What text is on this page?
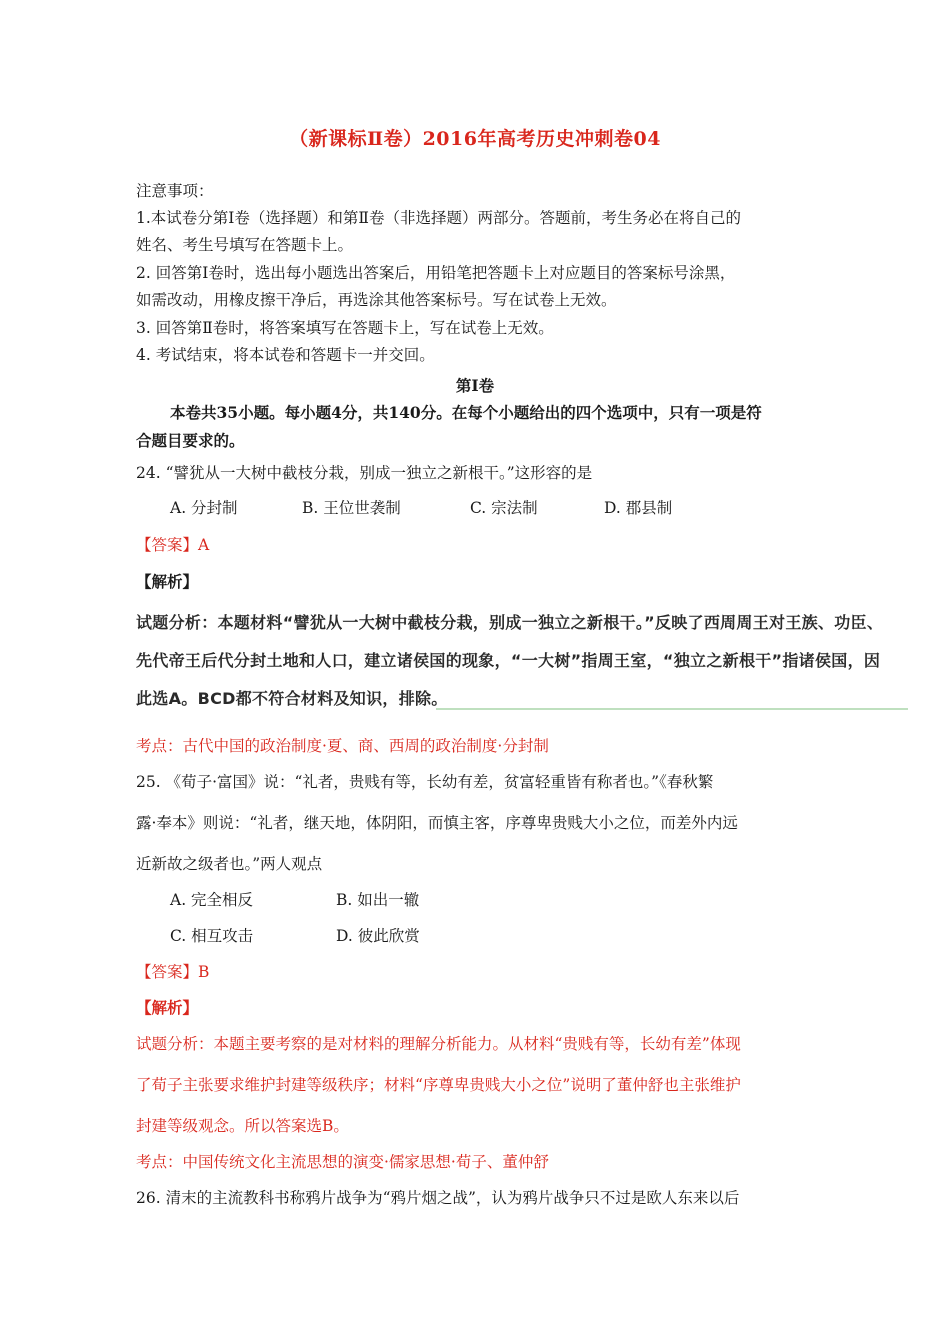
（新课标Ⅱ卷）2016年高考历史冲刺卷04
注意事项：
1.本试卷分第Ⅰ卷（选择题）和第Ⅱ卷（非选择题）两部分。答题前，考生务必在将自己的
姓名、考生号填写在答题卡上。
2. 回答第Ⅰ卷时，选出每小题选出答案后，用铅笔把答题卡上对应题目的答案标号涂黑，
如需改动，用橡皮擦干净后，再选涂其他答案标号。写在试卷上无效。
3. 回答第Ⅱ卷时，将答案填写在答题卡上，写在试卷上无效。
4. 考试结束，将本试卷和答题卡一并交回。
第Ⅰ卷
本卷共35小题。每小题4分，共140分。在每个小题给出的四个选项中，只有一项是符
合题目要求的。
24. “譬犹从一大树中截枝分栽，别成一独立之新根干。”这形容的是
A. 分封制	B. 王位世袭制	C. 宗法制	D. 郡县制
【答案】A
【解析】
试题分析：本题材料“譬犹从一大树中截枝分栽，别成一独立之新根干。”反映了西周周王对王族、功臣、
先代帝王后代分封土地和人口，建立诸侯国的现象，“一大树”指周王室，“独立之新根干”指诸侯国，因
此选A。BCD都不符合材料及知识，排除。
考点：古代中国的政治制度·夏、商、西周的政治制度·分封制
25. 《荀子·富国》说：“礼者，贵贱有等，长幼有差，贫富轻重皆有称者也。”《春秋繁
露·奉本》则说：“礼者，继天地，体阴阳，而慎主客，序尊卑贵贱大小之位，而差外内远
近新故之级者也。”两人观点
A. 完全相反	B. 如出一辙
C. 相互攻击	D. 彼此欣赏
【答案】B
【解析】
试题分析：本题主要考察的是对材料的理解分析能力。从材料“贵贱有等，长幼有差”体现
了荀子主张要求维护封建等级秩序；材料“序尊卑贵贱大小之位”说明了董仲舒也主张维护
封建等级观念。所以答案选B。
考点：中国传统文化主流思想的演变·儒家思想·荀子、董仲舒
26. 清末的主流教科书称鸦片战争为“鸦片烟之战”，认为鸦片战争只不过是欧人东来以后
